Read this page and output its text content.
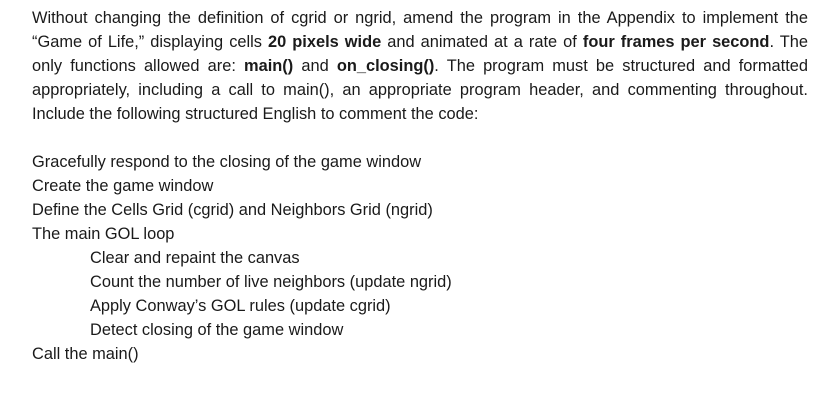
Without changing the definition of cgrid or ngrid, amend the program in the Appendix to implement the “Game of Life,” displaying cells 20 pixels wide and animated at a rate of four frames per second. The only functions allowed are: main() and on_closing(). The program must be structured and formatted appropriately, including a call to main(), an appropriate program header, and commenting throughout. Include the following structured English to comment the code:

Gracefully respond to the closing of the game window
Create the game window
Define the Cells Grid (cgrid) and Neighbors Grid (ngrid)
The main GOL loop
Clear and repaint the canvas
Count the number of live neighbors (update ngrid)
Apply Conway’s GOL rules (update cgrid)
Detect closing of the game window
Call the main()
